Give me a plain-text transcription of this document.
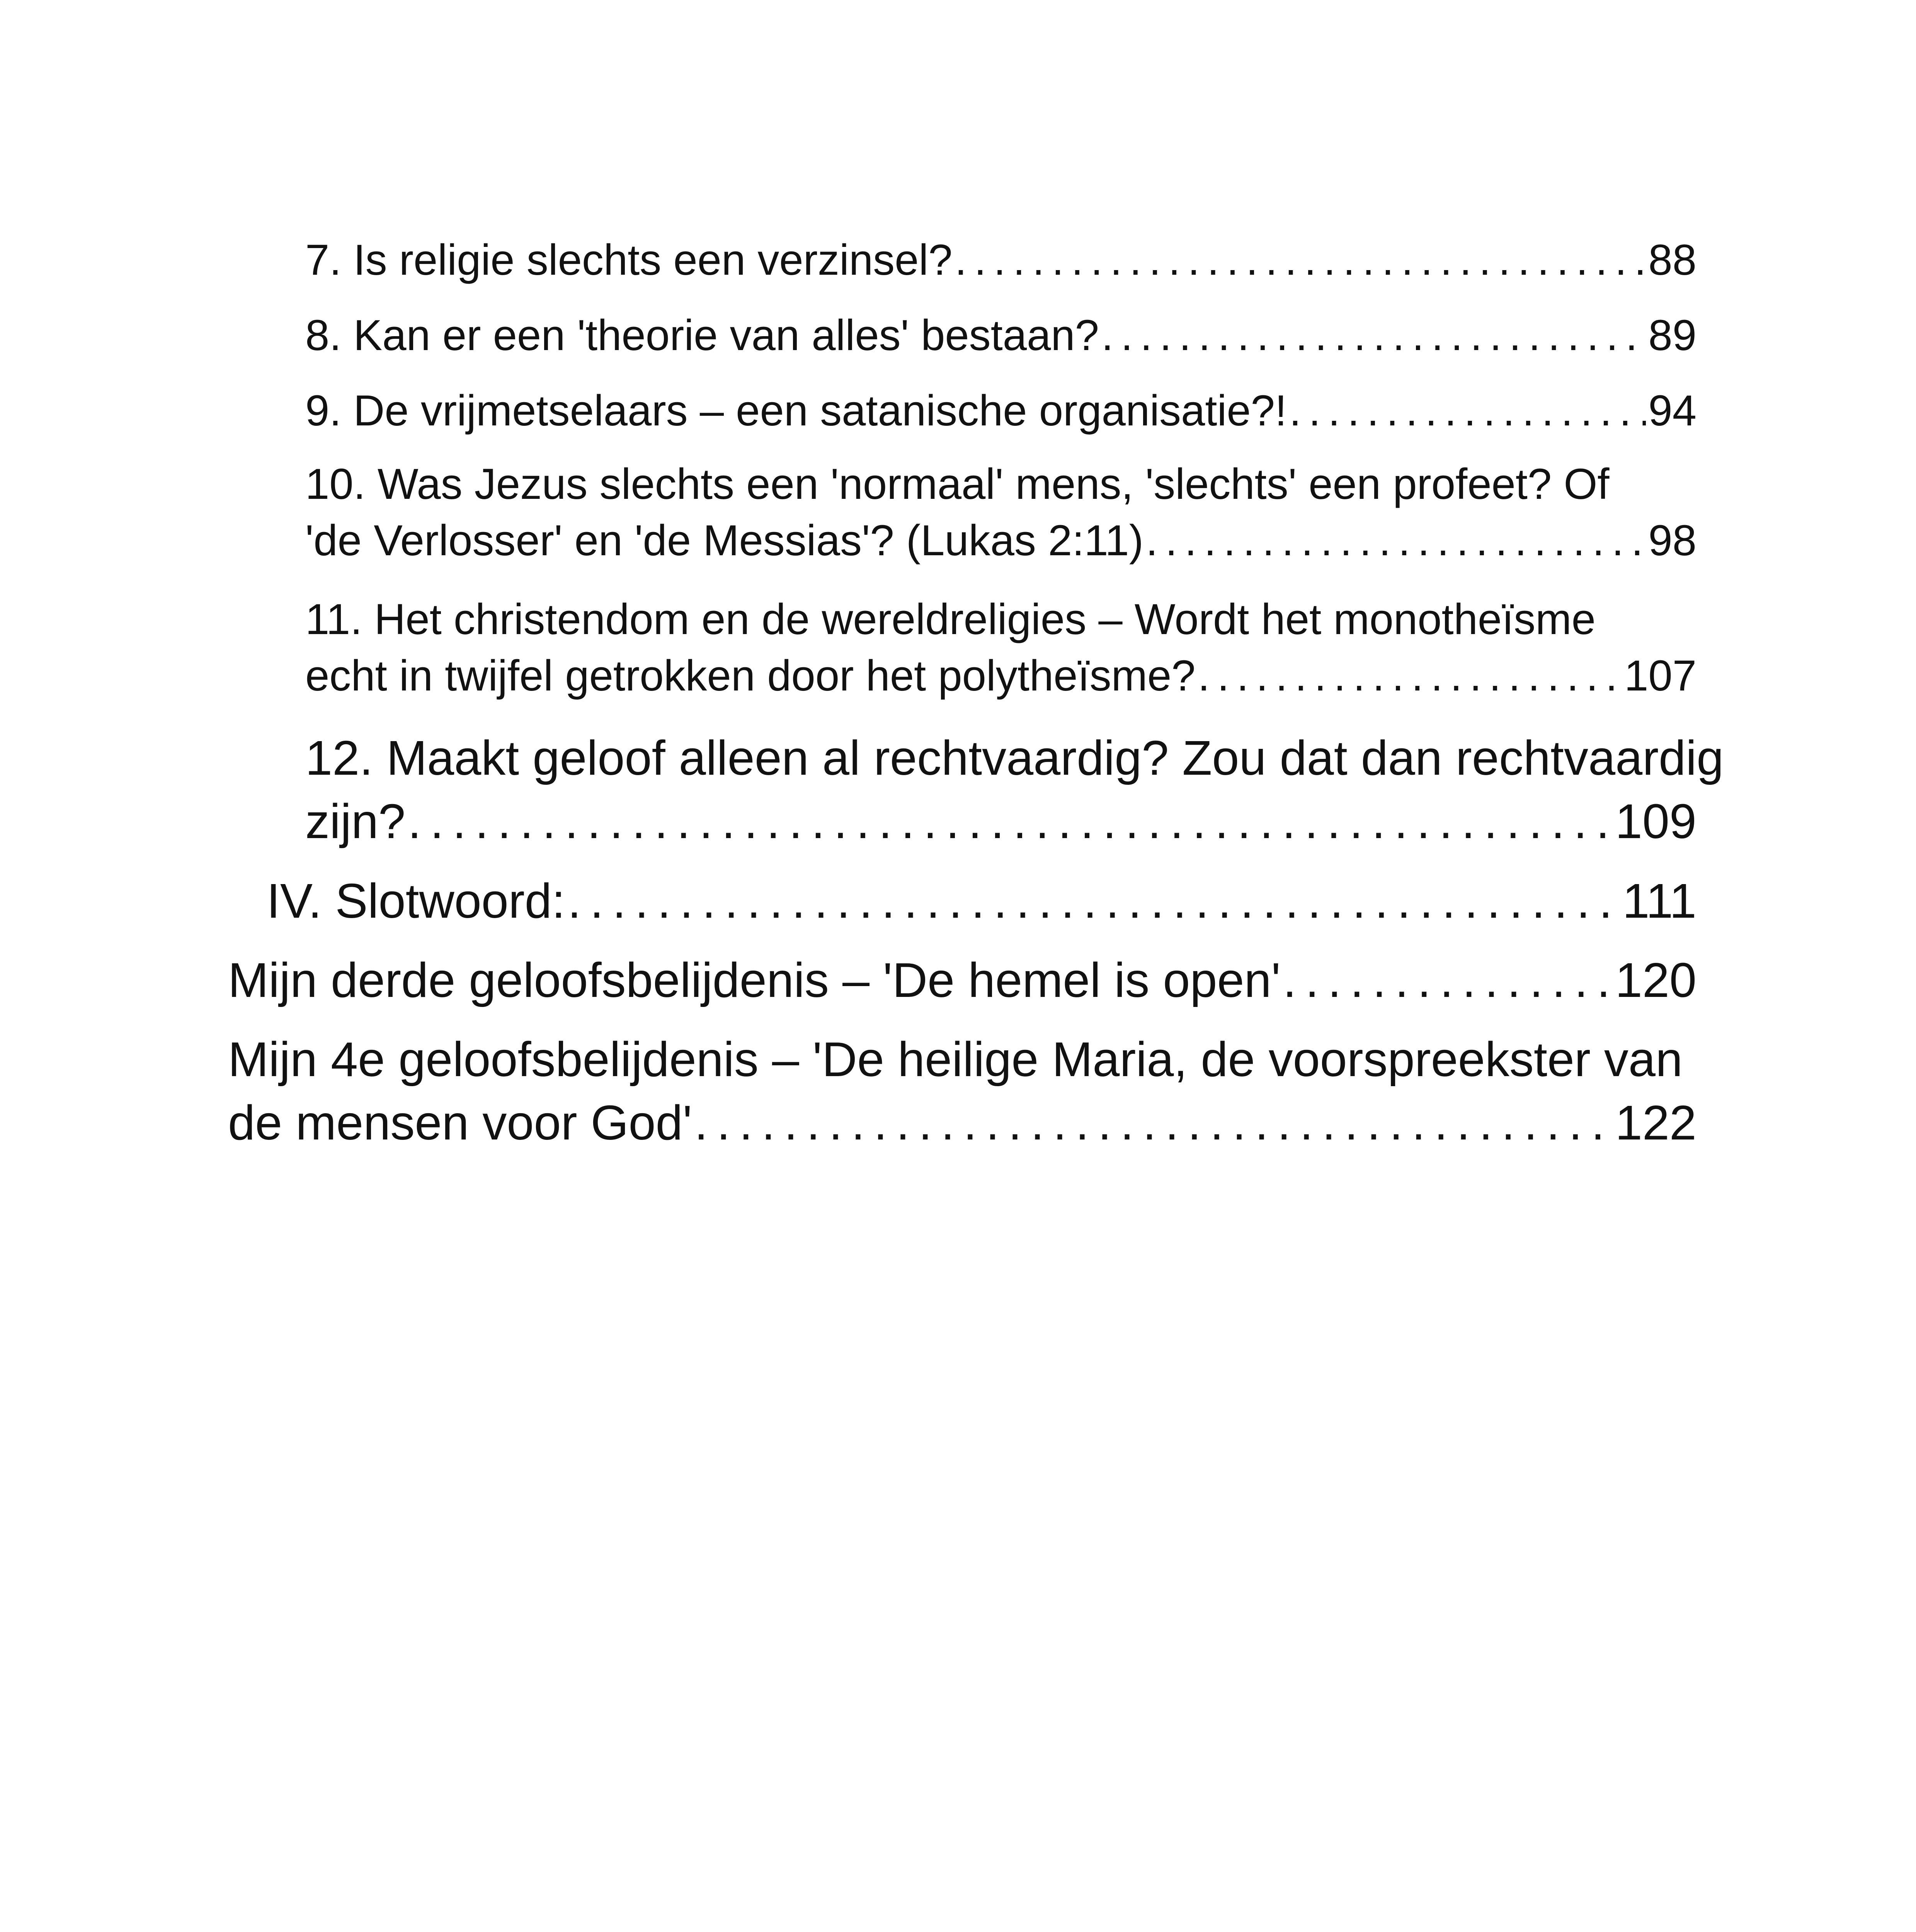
7. Is religie slechts een verzinsel? . . .	88
8. Kan er een 'theorie van alles' bestaan? . . .	89
9. De vrijmetselaars – een satanische organisatie?! . . .	94
10. Was Jezus slechts een 'normaal' mens, 'slechts' een profeet? Of
'de Verlosser' en 'de Messias'? (Lukas 2:11) . . .	98
11. Het christendom en de wereldreligies – Wordt het monotheïsme
echt in twijfel getrokken door het polytheïsme? . . .	107
12. Maakt geloof alleen al rechtvaardig? Zou dat dan rechtvaardig
zijn? . . .	109
IV. Slotwoord: . . .	111
Mijn derde geloofsbelijdenis – 'De hemel is open' . . .	120
Mijn 4e geloofsbelijdenis – 'De heilige Maria, de voorspreekster van
de mensen voor God' . . .	122
